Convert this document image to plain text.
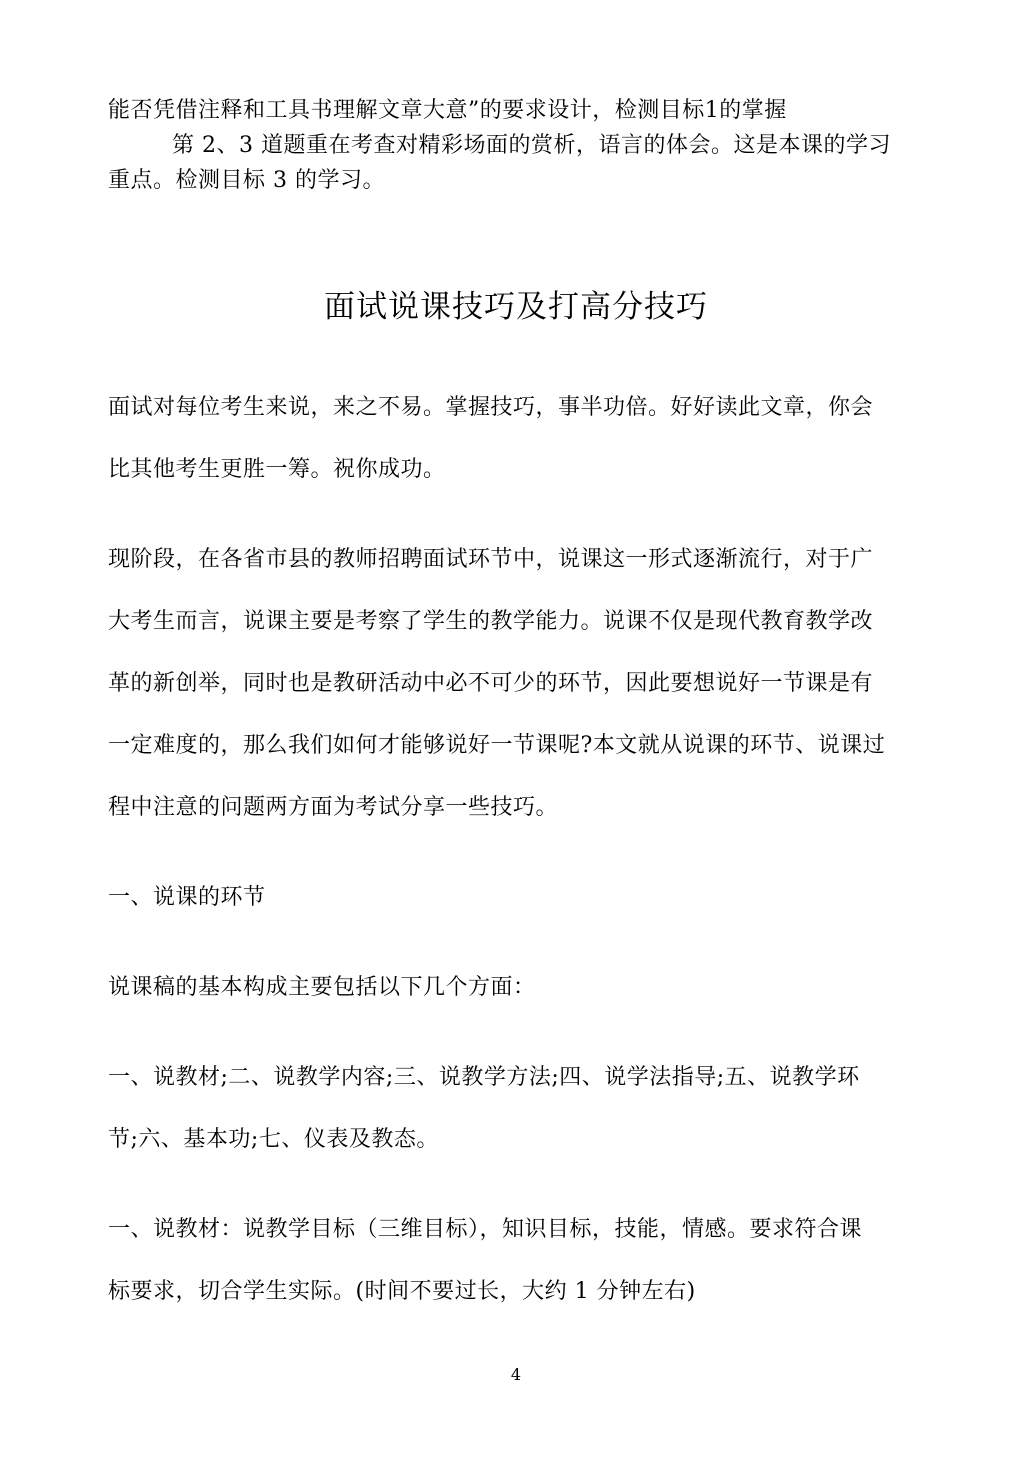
能否凭借注释和工具书理解文章大意”的要求设计，检测目标1的掌握
第 2、3 道题重在考查对精彩场面的赏析，语言的体会。这是本课的学习
重点。检测目标 3 的学习。
面试说课技巧及打高分技巧
面试对每位考生来说，来之不易。掌握技巧，事半功倍。好好读此文章，你会
比其他考生更胜一筹。祝你成功。
现阶段，在各省市县的教师招聘面试环节中，说课这一形式逐渐流行，对于广
大考生而言，说课主要是考察了学生的教学能力。说课不仅是现代教育教学改
革的新创举，同时也是教研活动中必不可少的环节，因此要想说好一节课是有
一定难度的，那么我们如何才能够说好一节课呢?本文就从说课的环节、说课过
程中注意的问题两方面为考试分享一些技巧。
一、说课的环节
说课稿的基本构成主要包括以下几个方面：
一、说教材;二、说教学内容;三、说教学方法;四、说学法指导;五、说教学环
节;六、基本功;七、仪表及教态。
一、说教材：说教学目标（三维目标），知识目标，技能，情感。要求符合课
标要求，切合学生实际。(时间不要过长，大约 1 分钟左右)
4
